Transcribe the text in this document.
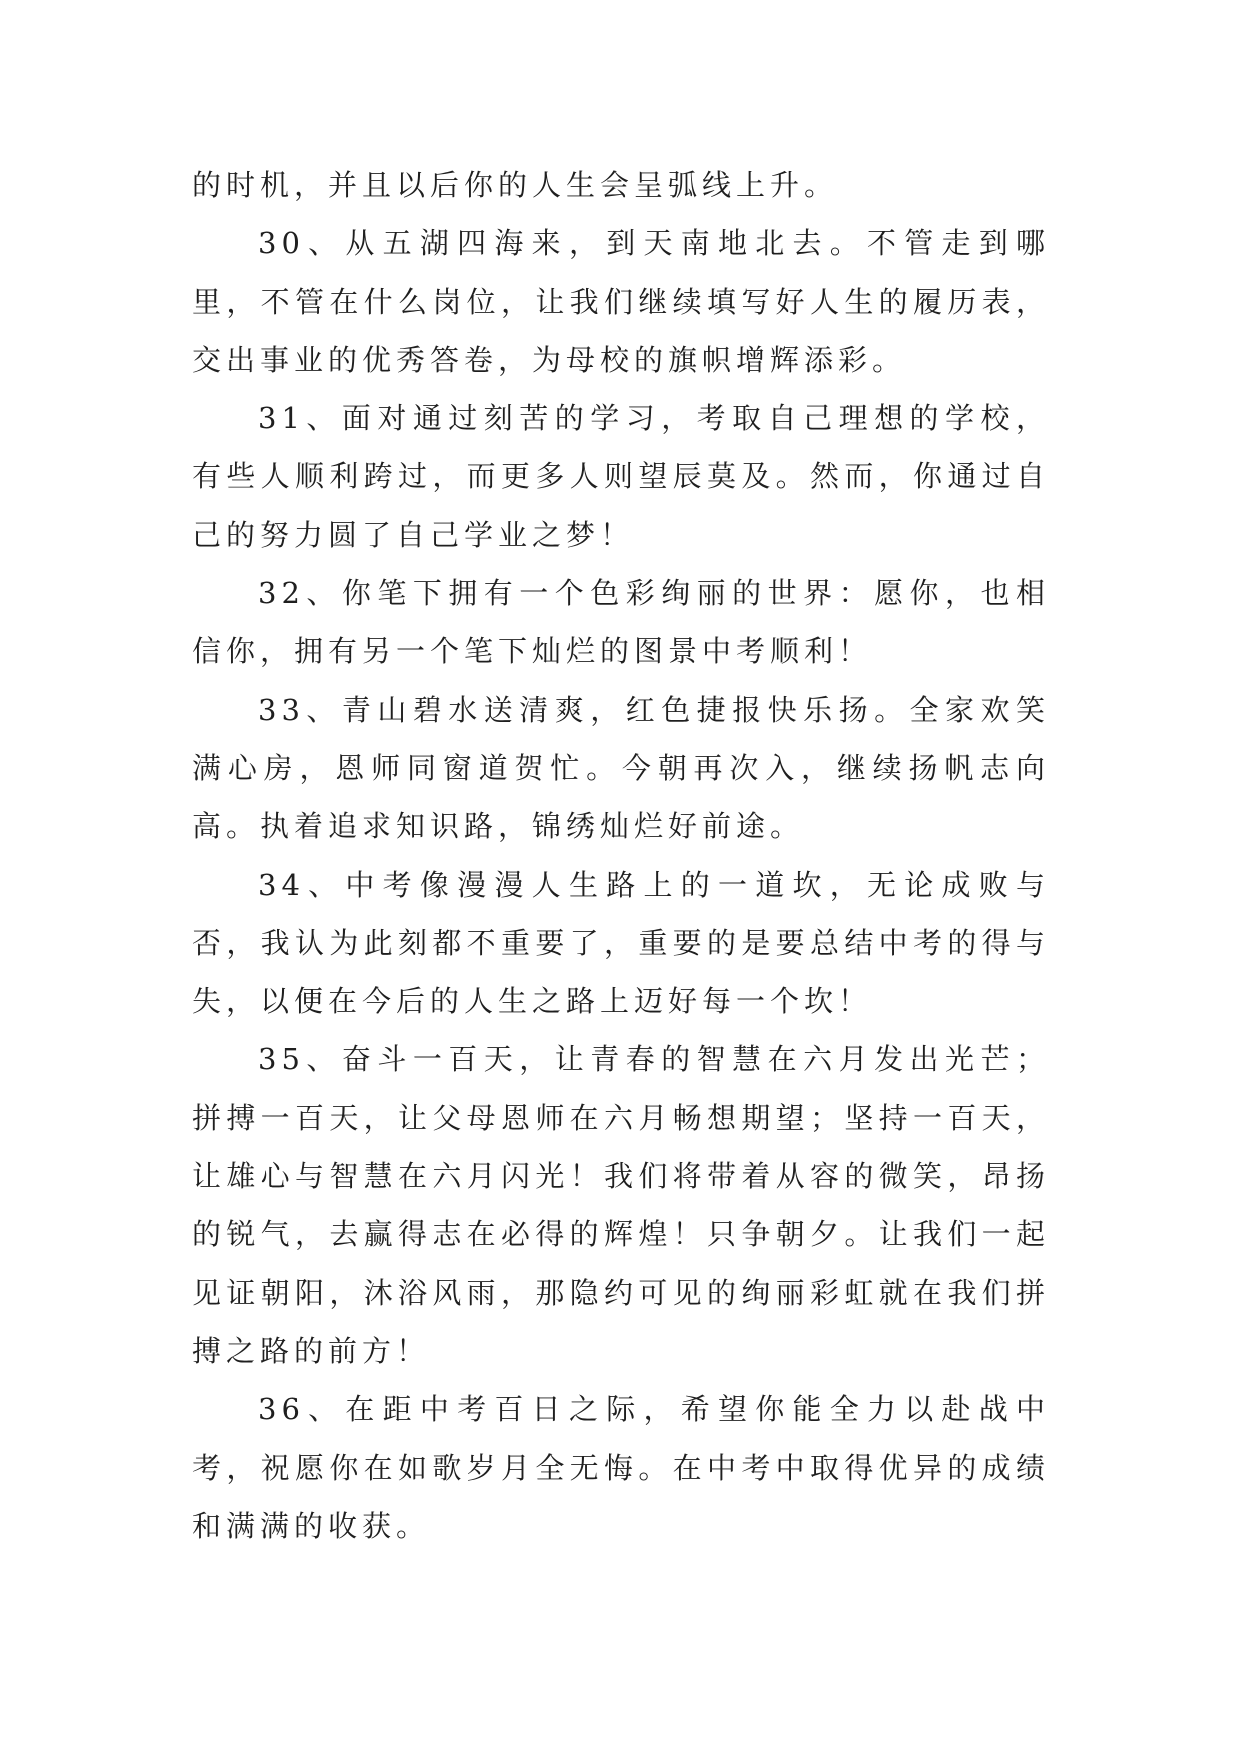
的时机，并且以后你的人生会呈弧线上升。

30、从五湖四海来，到天南地北去。不管走到哪里，不管在什么岗位，让我们继续填写好人生的履历表，交出事业的优秀答卷，为母校的旗帜增辉添彩。

31、面对通过刻苦的学习，考取自己理想的学校，有些人顺利跨过，而更多人则望辰莫及。然而，你通过自己的努力圆了自己学业之梦！

32、你笔下拥有一个色彩绚丽的世界：愿你，也相信你，拥有另一个笔下灿烂的图景中考顺利！

33、青山碧水送清爽，红色捷报快乐扬。全家欢笑满心房，恩师同窗道贺忙。今朝再次入，继续扬帆志向高。执着追求知识路，锦绣灿烂好前途。

34、中考像漫漫人生路上的一道坎，无论成败与否，我认为此刻都不重要了，重要的是要总结中考的得与失，以便在今后的人生之路上迈好每一个坎！

35、奋斗一百天，让青春的智慧在六月发出光芒；拼搏一百天，让父母恩师在六月畅想期望；坚持一百天，让雄心与智慧在六月闪光！我们将带着从容的微笑，昂扬的锐气，去赢得志在必得的辉煌！只争朝夕。让我们一起见证朝阳，沐浴风雨，那隐约可见的绚丽彩虹就在我们拼搏之路的前方！

36、在距中考百日之际，希望你能全力以赴战中考，祝愿你在如歌岁月全无悔。在中考中取得优异的成绩和满满的收获。
